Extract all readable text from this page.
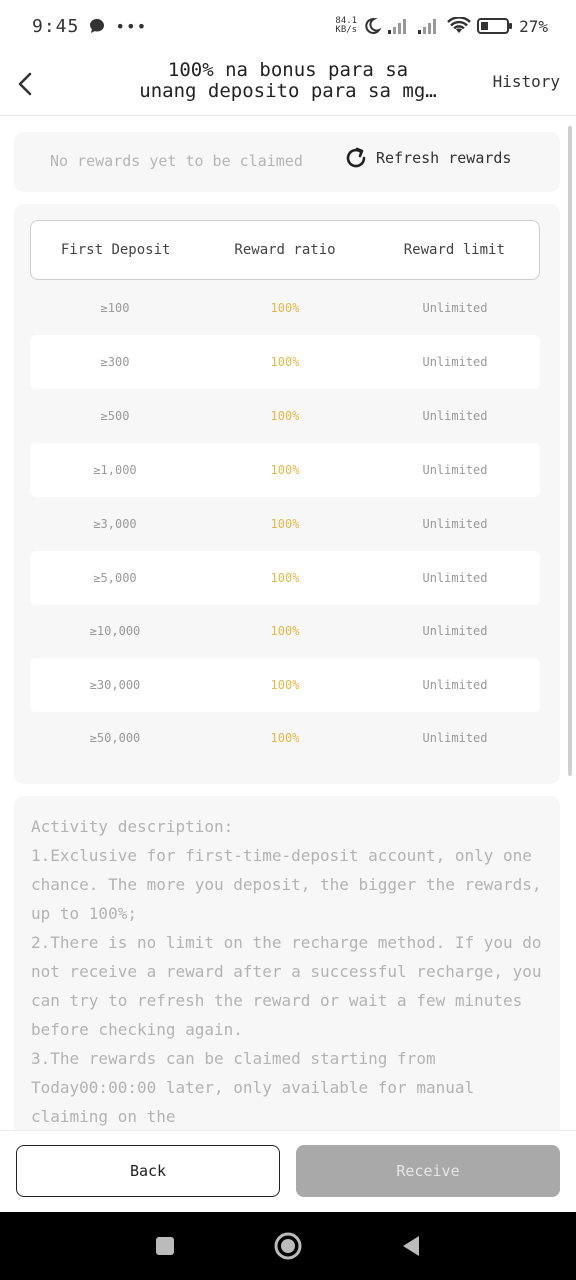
9:45 •••	84.1
KB/s	27%
100% na bonus para sa
unang deposito para sa mg…	History
No rewards yet to be claimed	Refresh rewards
First Deposit	Reward ratio	Reward limit
≥100	100%	Unlimited
≥300	100%	Unlimited
≥500	100%	Unlimited
≥1,000	100%	Unlimited
≥3,000	100%	Unlimited
≥5,000	100%	Unlimited
≥10,000	100%	Unlimited
≥30,000	100%	Unlimited
≥50,000	100%	Unlimited
Activity description:
1.Exclusive for first-time-deposit account, only one chance. The more you deposit, the bigger the rewards, up to 100%;
2.There is no limit on the recharge method. If you do not receive a reward after a successful recharge, you can try to refresh the reward or wait a few minutes before checking again.
3.The rewards can be claimed starting from Today00:00:00 later, only available for manual claiming on the
Back	Receive
